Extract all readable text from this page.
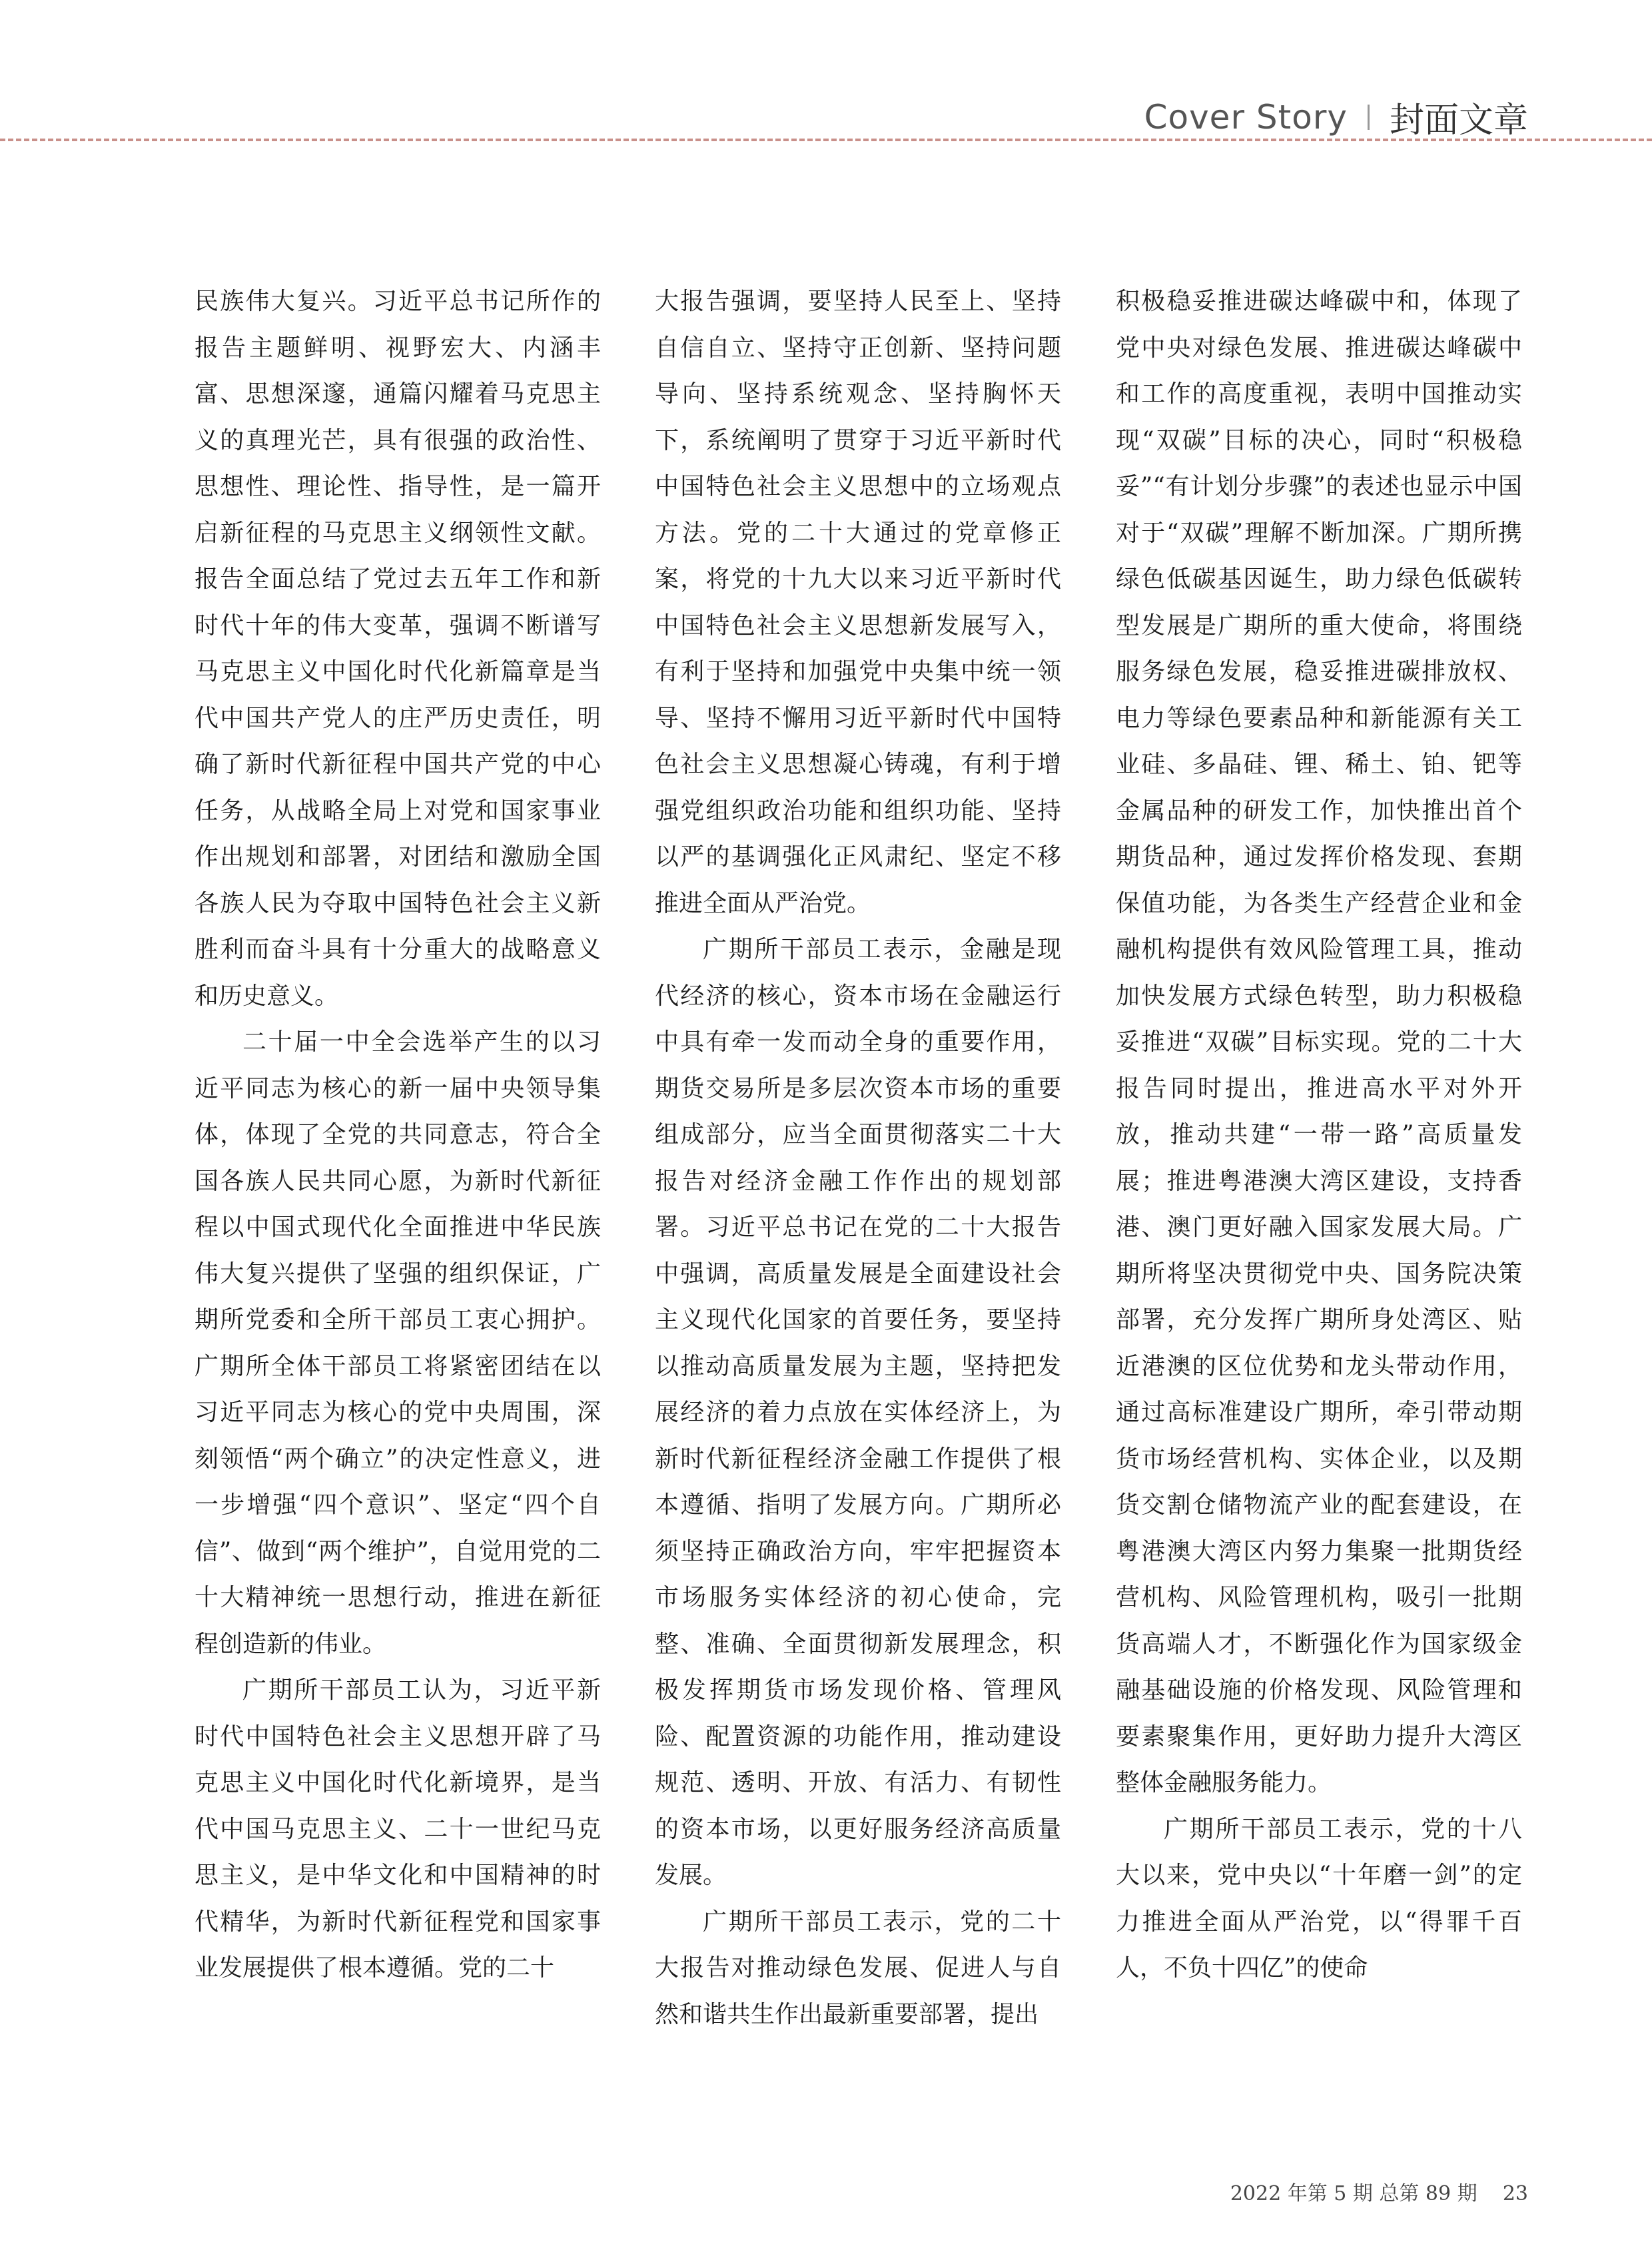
Cover Story 封面文章

民族伟大复兴。习近平总书记所作的报告主题鲜明、视野宏大、内涵丰富、思想深邃，通篇闪耀着马克思主义的真理光芒，具有很强的政治性、思想性、理论性、指导性，是一篇开启新征程的马克思主义纲领性文献。报告全面总结了党过去五年工作和新时代十年的伟大变革，强调不断谱写马克思主义中国化时代化新篇章是当代中国共产党人的庄严历史责任，明确了新时代新征程中国共产党的中心任务，从战略全局上对党和国家事业作出规划和部署，对团结和激励全国各族人民为夺取中国特色社会主义新胜利而奋斗具有十分重大的战略意义和历史意义。

二十届一中全会选举产生的以习近平同志为核心的新一届中央领导集体，体现了全党的共同意志，符合全国各族人民共同心愿，为新时代新征程以中国式现代化全面推进中华民族伟大复兴提供了坚强的组织保证，广期所党委和全所干部员工衷心拥护。广期所全体干部员工将紧密团结在以习近平同志为核心的党中央周围，深刻领悟“两个确立”的决定性意义，进一步增强“四个意识”、坚定“四个自信”、做到“两个维护”，自觉用党的二十大精神统一思想行动，推进在新征程创造新的伟业。

广期所干部员工认为，习近平新时代中国特色社会主义思想开辟了马克思主义中国化时代化新境界，是当代中国马克思主义、二十一世纪马克思主义，是中华文化和中国精神的时代精华，为新时代新征程党和国家事业发展提供了根本遵循。党的二十

大报告强调，要坚持人民至上、坚持自信自立、坚持守正创新、坚持问题导向、坚持系统观念、坚持胸怀天下，系统阐明了贯穿于习近平新时代中国特色社会主义思想中的立场观点方法。党的二十大通过的党章修正案，将党的十九大以来习近平新时代中国特色社会主义思想新发展写入，有利于坚持和加强党中央集中统一领导、坚持不懈用习近平新时代中国特色社会主义思想凝心铸魂，有利于增强党组织政治功能和组织功能、坚持以严的基调强化正风肃纪、坚定不移推进全面从严治党。

广期所干部员工表示，金融是现代经济的核心，资本市场在金融运行中具有牵一发而动全身的重要作用，期货交易所是多层次资本市场的重要组成部分，应当全面贯彻落实二十大报告对经济金融工作作出的规划部署。习近平总书记在党的二十大报告中强调，高质量发展是全面建设社会主义现代化国家的首要任务，要坚持以推动高质量发展为主题，坚持把发展经济的着力点放在实体经济上，为新时代新征程经济金融工作提供了根本遵循、指明了发展方向。广期所必须坚持正确政治方向，牢牢把握资本市场服务实体经济的初心使命，完整、准确、全面贯彻新发展理念，积极发挥期货市场发现价格、管理风险、配置资源的功能作用，推动建设规范、透明、开放、有活力、有韧性的资本市场，以更好服务经济高质量发展。

广期所干部员工表示，党的二十大报告对推动绿色发展、促进人与自然和谐共生作出最新重要部署，提出

积极稳妥推进碳达峰碳中和，体现了党中央对绿色发展、推进碳达峰碳中和工作的高度重视，表明中国推动实现“双碳”目标的决心，同时“积极稳妥”“有计划分步骤”的表述也显示中国对于“双碳”理解不断加深。广期所携绿色低碳基因诞生，助力绿色低碳转型发展是广期所的重大使命，将围绕服务绿色发展，稳妥推进碳排放权、电力等绿色要素品种和新能源有关工业硅、多晶硅、锂、稀土、铂、钯等金属品种的研发工作，加快推出首个期货品种，通过发挥价格发现、套期保值功能，为各类生产经营企业和金融机构提供有效风险管理工具，推动加快发展方式绿色转型，助力积极稳妥推进“双碳”目标实现。党的二十大报告同时提出，推进高水平对外开放，推动共建“一带一路”高质量发展；推进粤港澳大湾区建设，支持香港、澳门更好融入国家发展大局。广期所将坚决贯彻党中央、国务院决策部署，充分发挥广期所身处湾区、贴近港澳的区位优势和龙头带动作用，通过高标准建设广期所，牵引带动期货市场经营机构、实体企业，以及期货交割仓储物流产业的配套建设，在粤港澳大湾区内努力集聚一批期货经营机构、风险管理机构，吸引一批期货高端人才，不断强化作为国家级金融基础设施的价格发现、风险管理和要素聚集作用，更好助力提升大湾区整体金融服务能力。

广期所干部员工表示，党的十八大以来，党中央以“十年磨一剑”的定力推进全面从严治党，以“得罪千百人，不负十四亿”的使命

2022 年第 5 期 总第 89 期 23
